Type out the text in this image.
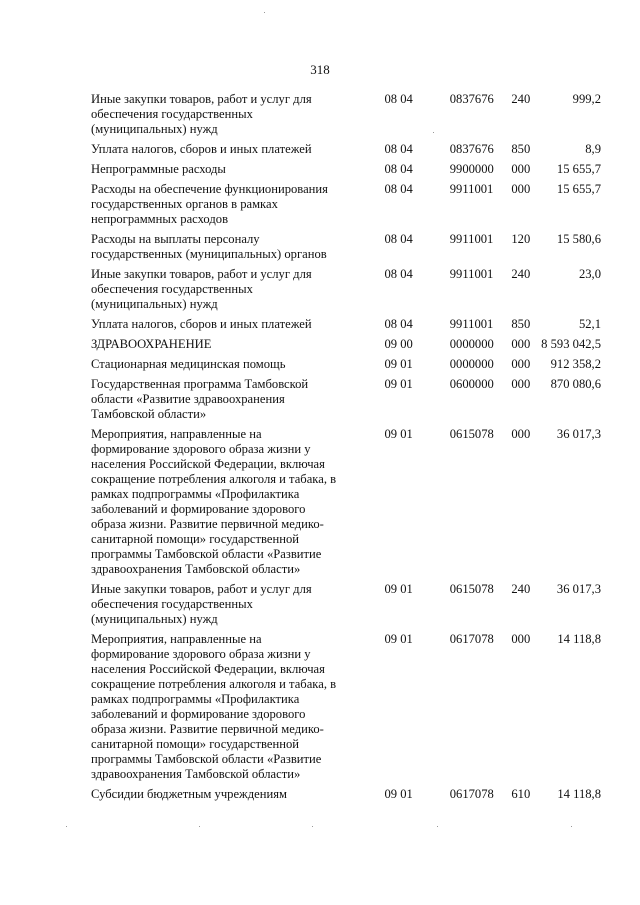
318
Иные закупки товаров, работ и услуг для обеспечения государственных (муниципальных) нужд	08 04	0837676	240	999,2
Уплата налогов, сборов и иных платежей	08 04	0837676	850	8,9
Непрограммные расходы	08 04	9900000	000	15 655,7
Расходы на обеспечение функционирования государственных органов в рамках непрограммных расходов	08 04	9911001	000	15 655,7
Расходы на выплаты персоналу государственных (муниципальных) органов	08 04	9911001	120	15 580,6
Иные закупки товаров, работ и услуг для обеспечения государственных (муниципальных) нужд	08 04	9911001	240	23,0
Уплата налогов, сборов и иных платежей	08 04	9911001	850	52,1
ЗДРАВООХРАНЕНИЕ	09 00	0000000	000	8 593 042,5
Стационарная медицинская помощь	09 01	0000000	000	912 358,2
Государственная программа Тамбовской области «Развитие здравоохранения Тамбовской области»	09 01	0600000	000	870 080,6
Мероприятия, направленные на формирование здорового образа жизни у населения Российской Федерации, включая сокращение потребления алкоголя и табака, в рамках подпрограммы «Профилактика заболеваний и формирование здорового образа жизни. Развитие первичной медико-санитарной помощи» государственной программы Тамбовской области «Развитие здравоохранения Тамбовской области»	09 01	0615078	000	36 017,3
Иные закупки товаров, работ и услуг для обеспечения государственных (муниципальных) нужд	09 01	0615078	240	36 017,3
Мероприятия, направленные на формирование здорового образа жизни у населения Российской Федерации, включая сокращение потребления алкоголя и табака, в рамках подпрограммы «Профилактика заболеваний и формирование здорового образа жизни. Развитие первичной медико-санитарной помощи» государственной программы Тамбовской области «Развитие здравоохранения Тамбовской области»	09 01	0617078	000	14 118,8
Субсидии бюджетным учреждениям	09 01	0617078	610	14 118,8
